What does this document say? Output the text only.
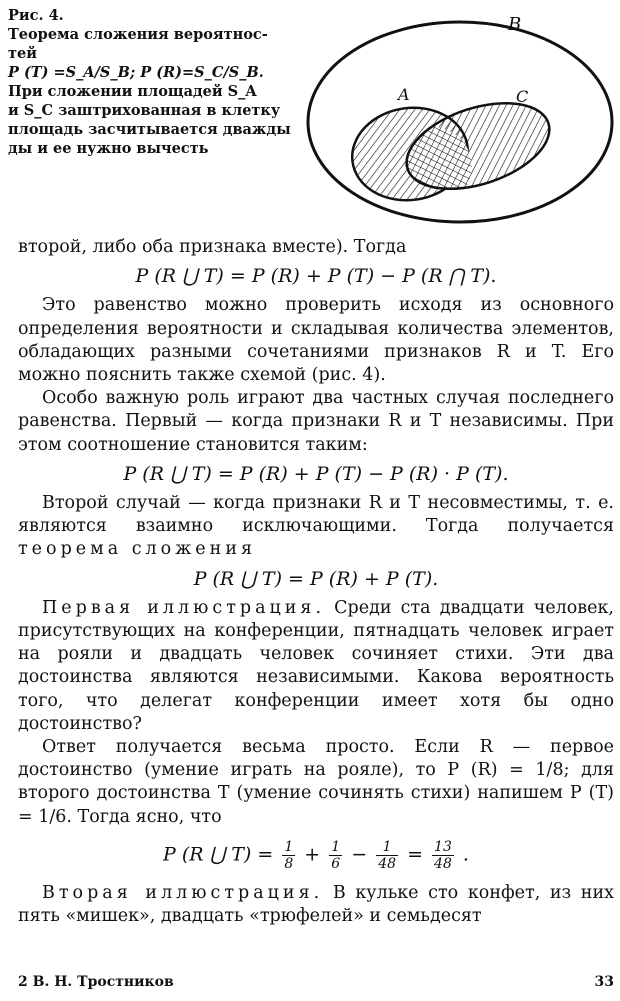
Рис. 4.
Теорема сложения вероятнос-
тей
P (T) =S_A/S_B; P (R)=S_C/S_B.
При сложении площадей S_A
и S_C заштрихованная в клетку
площадь засчитывается дважды
ды и ее нужно вычесть
B
A	C

второй, либо оба признака вместе). Тогда

P (R ⋃ T) = P (R) + P (T) − P (R ⋂ T).

Это равенство можно проверить исходя из основного определения вероятности и складывая количества элементов, обладающих разными сочетаниями признаков R и T. Его можно пояснить также схемой (рис. 4).

Особо важную роль играют два частных случая последнего равенства. Первый — когда признаки R и T независимы. При этом соотношение становится таким:

P (R ⋃ T) = P (R) + P (T) − P (R) · P (T).

Второй случай — когда признаки R и T несовместимы, т. е. являются взаимно исключающими. Тогда получается теорема сложения

P (R ⋃ T) = P (R) + P (T).

Первая иллюстрация. Среди ста двадцати человек, присутствующих на конференции, пятнадцать человек играет на рояли и двадцать человек сочиняет стихи. Эти два достоинства являются независимыми. Какова вероятность того, что делегат конференции имеет хотя бы одно достоинство?

Ответ получается весьма просто. Если R — первое достоинство (умение играть на рояле), то P (R) = 1/8; для второго достоинства T (умение сочинять стихи) напишем P (T) = 1/6. Тогда ясно, что

P (R ⋃ $T) = \frac{1}{8} + \frac{1}{6} - \frac{1}{48} = \frac{13}{48}$ .

Вторая иллюстрация. В кульке сто конфет, из них пять «мишек», двадцать «трюфелей» и семьдесят

2 В. Н. Тростников	33
